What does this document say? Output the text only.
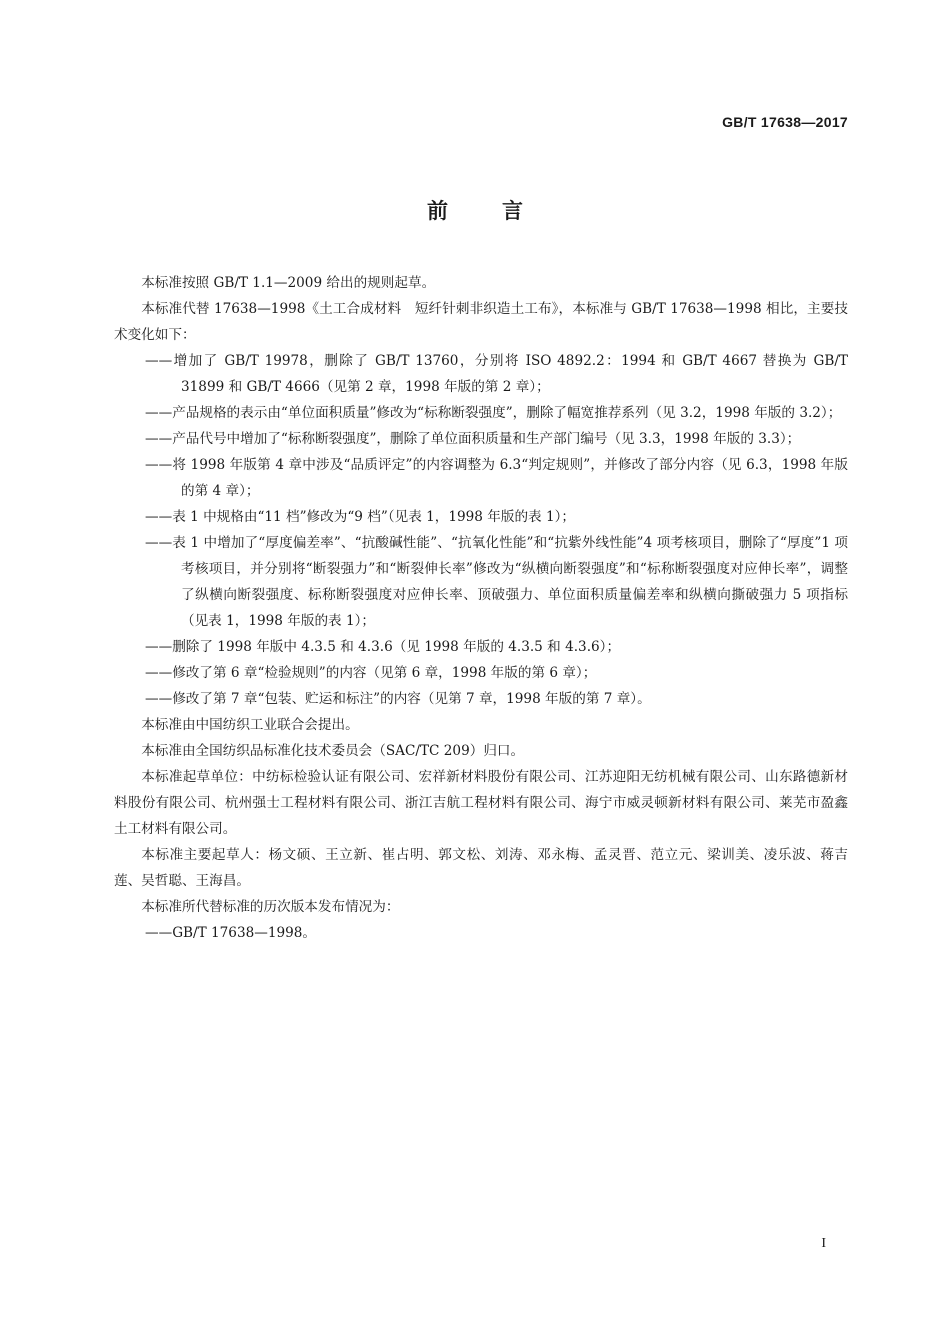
GB/T 17638—2017
前言

本标准按照 GB/T 1.1—2009 给出的规则起草。

本标准代替 17638—1998《土工合成材料　短纤针刺非织造土工布》，本标准与 GB/T 17638—1998 相比，主要技术变化如下：

——增加了 GB/T 19978，删除了 GB/T 13760，分别将 ISO 4892.2：1994 和 GB/T 4667 替换为 GB/T 31899 和 GB/T 4666（见第 2 章，1998 年版的第 2 章）；

——产品规格的表示由“单位面积质量”修改为“标称断裂强度”，删除了幅宽推荐系列（见 3.2，1998 年版的 3.2）；

——产品代号中增加了“标称断裂强度”，删除了单位面积质量和生产部门编号（见 3.3，1998 年版的 3.3）；

——将 1998 年版第 4 章中涉及“品质评定”的内容调整为 6.3“判定规则”，并修改了部分内容（见 6.3，1998 年版的第 4 章）；

——表 1 中规格由“11 档”修改为“9 档”（见表 1，1998 年版的表 1）；

——表 1 中增加了“厚度偏差率”、“抗酸碱性能”、“抗氧化性能”和“抗紫外线性能”4 项考核项目，删除了“厚度”1 项考核项目，并分别将“断裂强力”和“断裂伸长率”修改为“纵横向断裂强度”和“标称断裂强度对应伸长率”，调整了纵横向断裂强度、标称断裂强度对应伸长率、顶破强力、单位面积质量偏差率和纵横向撕破强力 5 项指标（见表 1，1998 年版的表 1）；

——删除了 1998 年版中 4.3.5 和 4.3.6（见 1998 年版的 4.3.5 和 4.3.6）；

——修改了第 6 章“检验规则”的内容（见第 6 章，1998 年版的第 6 章）；

——修改了第 7 章“包装、贮运和标注”的内容（见第 7 章，1998 年版的第 7 章）。

本标准由中国纺织工业联合会提出。

本标准由全国纺织品标准化技术委员会（SAC/TC 209）归口。

本标准起草单位：中纺标检验认证有限公司、宏祥新材料股份有限公司、江苏迎阳无纺机械有限公司、山东路德新材料股份有限公司、杭州强士工程材料有限公司、浙江吉航工程材料有限公司、海宁市威灵顿新材料有限公司、莱芜市盈鑫土工材料有限公司。

本标准主要起草人：杨文硕、王立新、崔占明、郭文松、刘涛、邓永梅、孟灵晋、范立元、梁训美、凌乐波、蒋吉莲、吴哲聪、王海昌。

本标准所代替标准的历次版本发布情况为：

——GB/T 17638—1998。

I
